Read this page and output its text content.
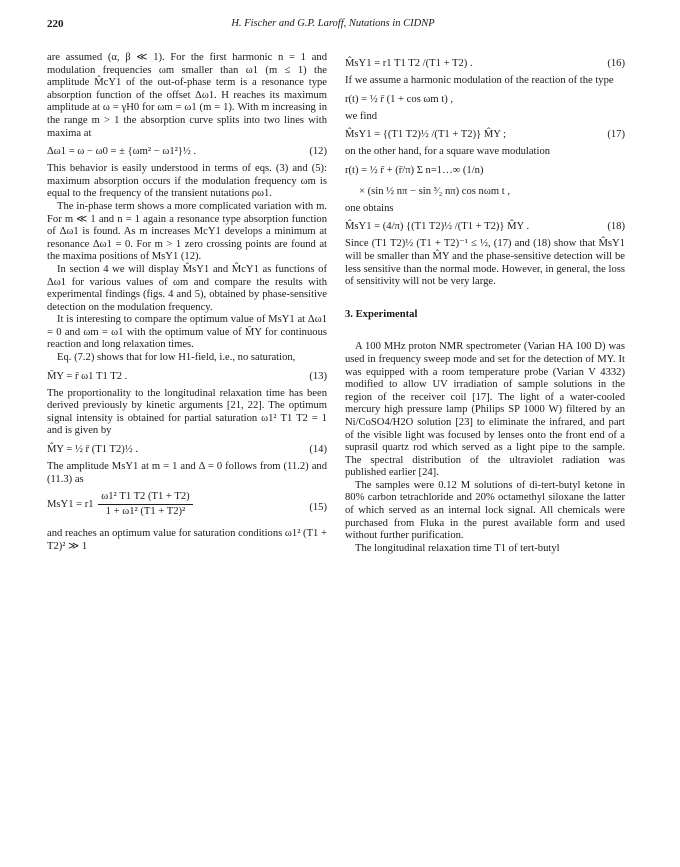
220	H. Fischer and G.P. Laroff, Nutations in CIDNP

are assumed (α, β ≪ 1). For the first harmonic n = 1 and modulation frequencies ωm smaller than ω1 (m ≤ 1) the amplitude M̂cY1 of the out-of-phase term is a resonance type absorption function of the offset Δω1. H reaches its maximum amplitude at ω = γH0 for ωm = ω1 (m = 1). With m increasing in the range m > 1 the absorption curve splits into two lines with maxima at

Δω1 = ω − ω0 = ± {ωm² − ω1²}½ .	(12)

This behavior is easily understood in terms of eqs. (3) and (5): maximum absorption occurs if the modulation frequency ωm is equal to the frequency of the transient nutations ρω1.

The in-phase term shows a more complicated variation with m. For m ≪ 1 and n = 1 again a resonance type absorption function of Δω1 is found. As m increases McY1 develops a minimum at resonance Δω1 = 0. For m > 1 zero crossing points are found at the maxima positions of MsY1 (12).

In section 4 we will display M̂sY1 and M̂cY1 as functions of Δω1 for various values of ωm and compare the results with experimental findings (figs. 4 and 5), obtained by phase-sensitive detection on the modulation frequency.

It is interesting to compare the optimum value of MsY1 at Δω1 = 0 and ωm = ω1 with the optimum value of M̄Y for continuous reaction and long relaxation times.

Eq. (7.2) shows that for low H1-field, i.e., no saturation,

M̄Y = r̄ ω1 T1 T2 .	(13)

The proportionality to the longitudinal relaxation time has been derived previously by kinetic arguments [21, 22]. The optimum signal intensity is obtained for partial saturation ω1² T1 T2 = 1 and is given by

M̂Y = ½ r̄ (T1 T2)½ .	(14)

The amplitude MsY1 at m = 1 and Δ = 0 follows from (11.2) and (11.3) as

$MsY1 = r1 \frac{\text{ω1² T1 T2 (T1 + T2)}}{\text{1 + ω1² (T1 + T2)²}}$	(15)

and reaches an optimum value for saturation conditions ω1² (T1 + T2)² ≫ 1

M̂sY1 = r1 T1 T2 /(T1 + T2) .	(16)

If we assume a harmonic modulation of the reaction of the type

r(t) = ½ r̄ (1 + cos ωm t) ,

we find

M̂sY1 = {(T1 T2)½ /(T1 + T2)} M̂Y ;	(17)

on the other hand, for a square wave modulation

r(t) = ½ r̄ + (r̄/π) Σ n=1…∞ (1/n)
× (sin ½ nπ − sin ³⁄₂ nπ) cos nωm t ,

one obtains

M̂sY1 = (4/π) {(T1 T2)½ /(T1 + T2)} M̂Y .	(18)

Since (T1 T2)½ (T1 + T2)⁻¹ ≤ ½, (17) and (18) show that M̂sY1 will be smaller than M̂Y and the phase-sensitive detection will be less sensitive than the normal mode. However, in general, the loss of sensitivity will not be very large.

3. Experimental

A 100 MHz proton NMR spectrometer (Varian HA 100 D) was used in frequency sweep mode and set for the detection of MY. It was equipped with a room temperature probe (Varian V 4332) modified to allow UV irradiation of sample solutions in the region of the receiver coil [17]. The light of a water-cooled mercury high pressure lamp (Philips SP 1000 W) filtered by an Ni/CoSO4/H2O solution [23] to eliminate the infrared, and part of the visible light was focused by lenses onto the front end of a suprasil quartz rod which served as a light pipe to the sample. The spectral distribution of the ultraviolet radiation was published earlier [24].

The samples were 0.12 M solutions of di-tert-butyl ketone in 80% carbon tetrachloride and 20% octamethyl siloxane the latter of which served as an internal lock signal. All chemicals were purchased from Fluka in the purest available form and used without further purification.

The longitudinal relaxation time T1 of tert-butyl
